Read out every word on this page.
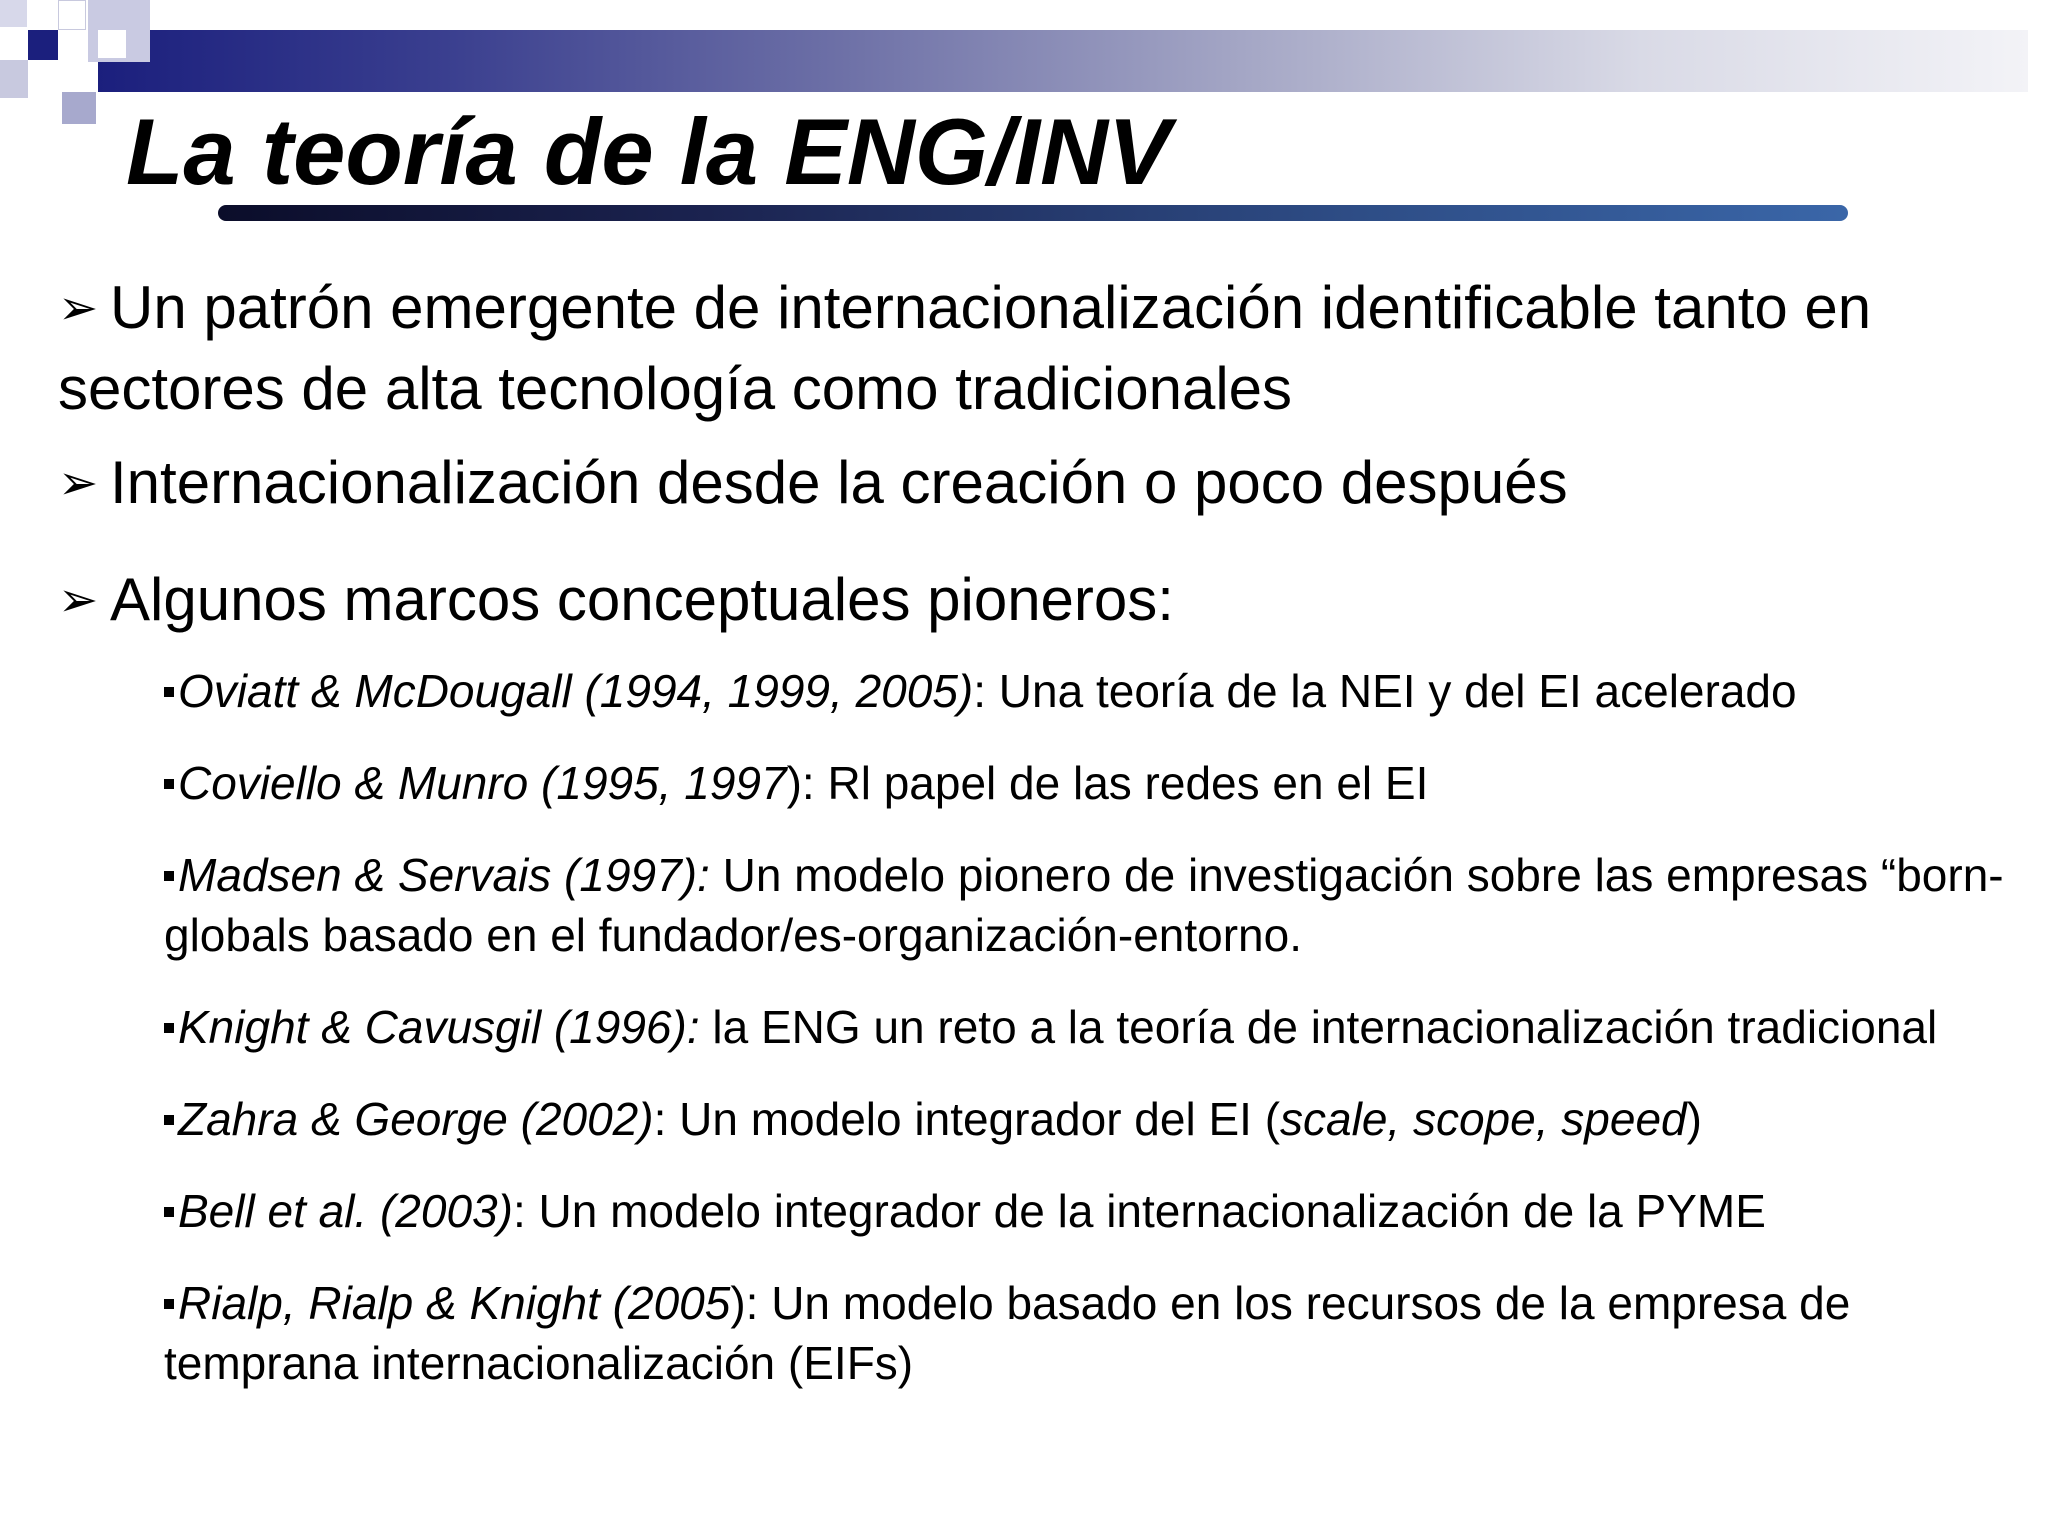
La teoría de la ENG/INV

➢ Un patrón emergente de internacionalización identificable tanto en sectores de alta tecnología como tradicionales

➢ Internacionalización desde la creación o poco después

➢ Algunos marcos conceptuales pioneros:

Oviatt & McDougall (1994, 1999, 2005): Una teoría de la NEI y del EI acelerado

Coviello & Munro (1995, 1997): Rl papel de las redes en el EI

Madsen & Servais (1997): Un modelo pionero de investigación sobre las empresas “born-globals basado en el fundador/es-organización-entorno.

Knight & Cavusgil (1996): la ENG un reto a la teoría de internacionalización tradicional

Zahra & George (2002): Un modelo integrador del EI (scale, scope, speed)

Bell et al. (2003): Un modelo integrador de la internacionalización de la PYME

Rialp, Rialp & Knight (2005): Un modelo basado en los recursos de la empresa de temprana internacionalización (EIFs)
